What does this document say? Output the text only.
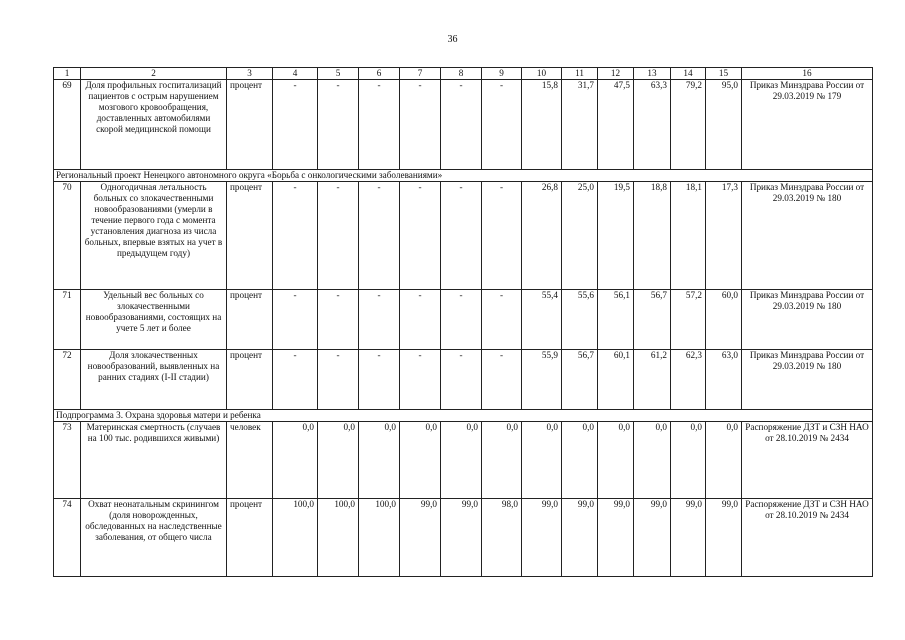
36
1	2	3	4	5	6	7	8	9	10	11	12	13	14	15	16
69	Доля профильных госпитализаций пациентов с острым нарушением мозгового кровообращения, доставленных автомобилями скорой медицинской помощи	процент	-	-	-	-	-	-	15,8	31,7	47,5	63,3	79,2	95,0	Приказ Минздрава России от 29.03.2019 № 179
Региональный проект Ненецкого автономного округа «Борьба с онкологическими заболеваниями»															
70	Одногодичная летальность больных со злокачественными новообразованиями (умерли в течение первого года с момента установления диагноза из числа больных, впервые взятых на учет в предыдущем году)	процент	-	-	-	-	-	-	26,8	25,0	19,5	18,8	18,1	17,3	Приказ Минздрава России от 29.03.2019 № 180
71	Удельный вес больных со злокачественными новообразованиями, состоящих на учете 5 лет и более	процент	-	-	-	-	-	-	55,4	55,6	56,1	56,7	57,2	60,0	Приказ Минздрава России от 29.03.2019 № 180
72	Доля злокачественных новообразований, выявленных на ранних стадиях (I-II стадии)	процент	-	-	-	-	-	-	55,9	56,7	60,1	61,2	62,3	63,0	Приказ Минздрава России от 29.03.2019 № 180
Подпрограмма 3. Охрана здоровья матери и ребенка															
73	Материнская смертность (случаев на 100 тыс. родившихся живыми)	человек	0,0	0,0	0,0	0,0	0,0	0,0	0,0	0,0	0,0	0,0	0,0	0,0	Распоряжение ДЗТ и СЗН НАО от 28.10.2019 № 2434
74	Охват неонатальным скринингом (доля новорожденных, обследованных на наследственные заболевания, от общего числа	процент	100,0	100,0	100,0	99,0	99,0	98,0	99,0	99,0	99,0	99,0	99,0	99,0	Распоряжение ДЗТ и СЗН НАО от 28.10.2019 № 2434
